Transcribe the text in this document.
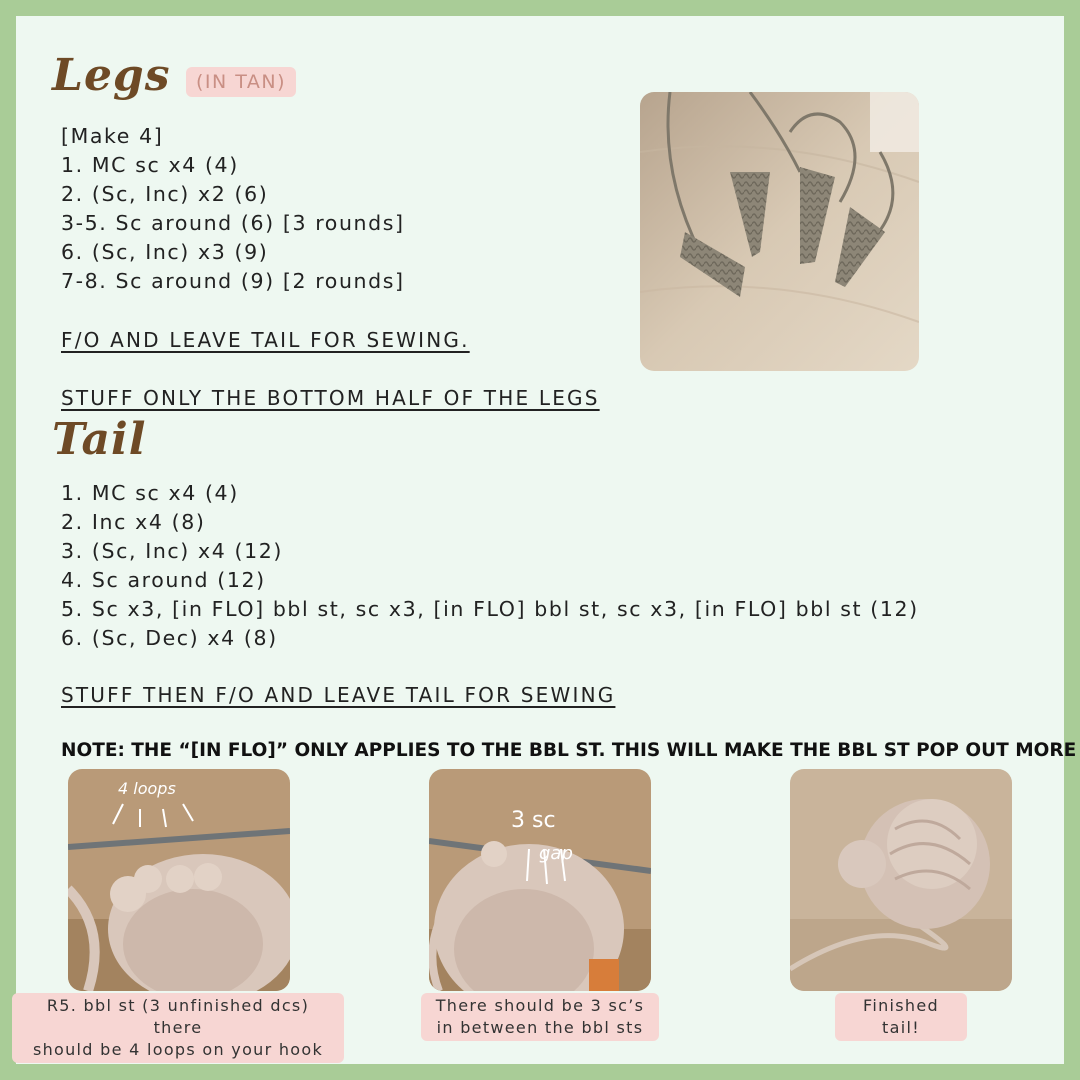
Legs	(IN TAN)
[Make 4]
1. MC sc x4 (4)
2. (Sc, Inc) x2 (6)
3-5. Sc around (6) [3 rounds]
6. (Sc, Inc) x3 (9)
7-8. Sc around (9) [2 rounds]
F/O AND LEAVE TAIL FOR SEWING.
STUFF ONLY THE BOTTOM HALF OF THE LEGS
Tail
1. MC sc x4 (4)
2. Inc x4 (8)
3. (Sc, Inc) x4 (12)
4. Sc around (12)
5. Sc x3, [in FLO] bbl st, sc x3, [in FLO] bbl st, sc x3, [in FLO] bbl st (12)
6. (Sc, Dec) x4 (8)
STUFF THEN F/O AND LEAVE TAIL FOR SEWING
NOTE: THE “[IN FLO]” ONLY APPLIES TO THE BBL ST. THIS WILL MAKE THE BBL ST POP OUT MORE
4 loops
3 sc
gap
R5. bbl st (3 unfinished dcs) there
should be 4 loops on your hook
There should be 3 sc’s
in between the bbl sts
Finished tail!
